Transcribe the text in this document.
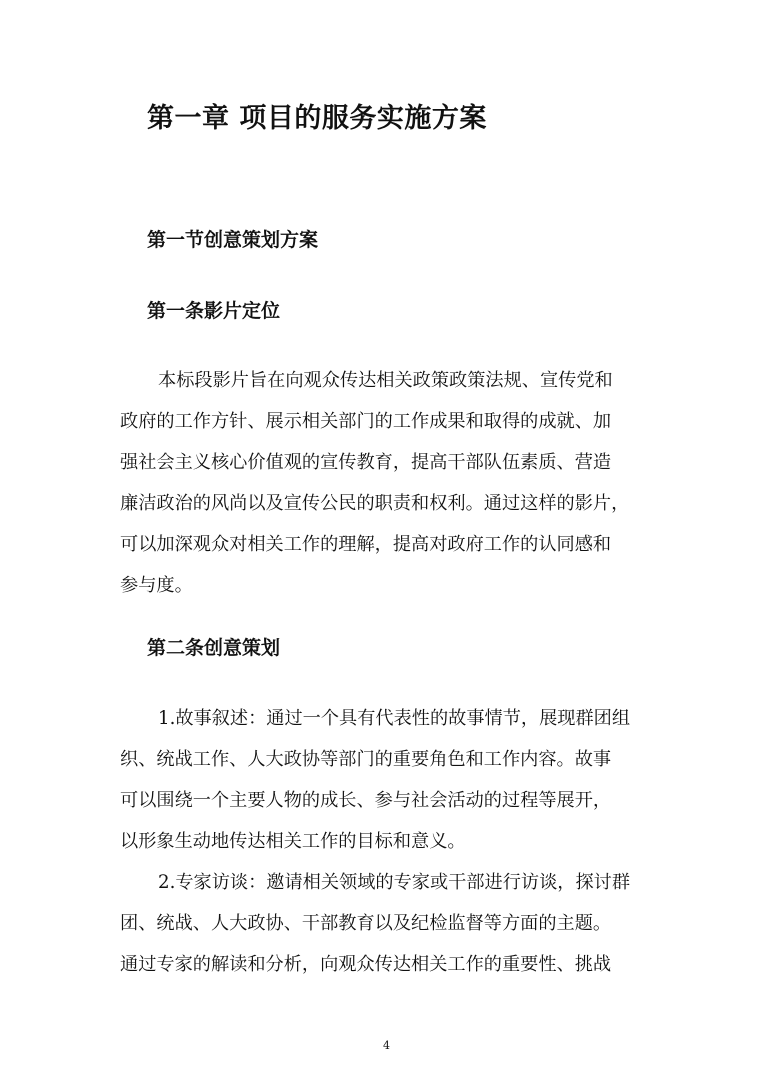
第一章 项目的服务实施方案
第一节创意策划方案
第一条影片定位
本标段影片旨在向观众传达相关政策政策法规、宣传党和
政府的工作方针、展示相关部门的工作成果和取得的成就、加
强社会主义核心价值观的宣传教育，提高干部队伍素质、营造
廉洁政治的风尚以及宣传公民的职责和权利。通过这样的影片，
可以加深观众对相关工作的理解，提高对政府工作的认同感和
参与度。
第二条创意策划
1.故事叙述：通过一个具有代表性的故事情节，展现群团组
织、统战工作、人大政协等部门的重要角色和工作内容。故事
可以围绕一个主要人物的成长、参与社会活动的过程等展开，
以形象生动地传达相关工作的目标和意义。
2.专家访谈：邀请相关领域的专家或干部进行访谈，探讨群
团、统战、人大政协、干部教育以及纪检监督等方面的主题。
通过专家的解读和分析，向观众传达相关工作的重要性、挑战
4
